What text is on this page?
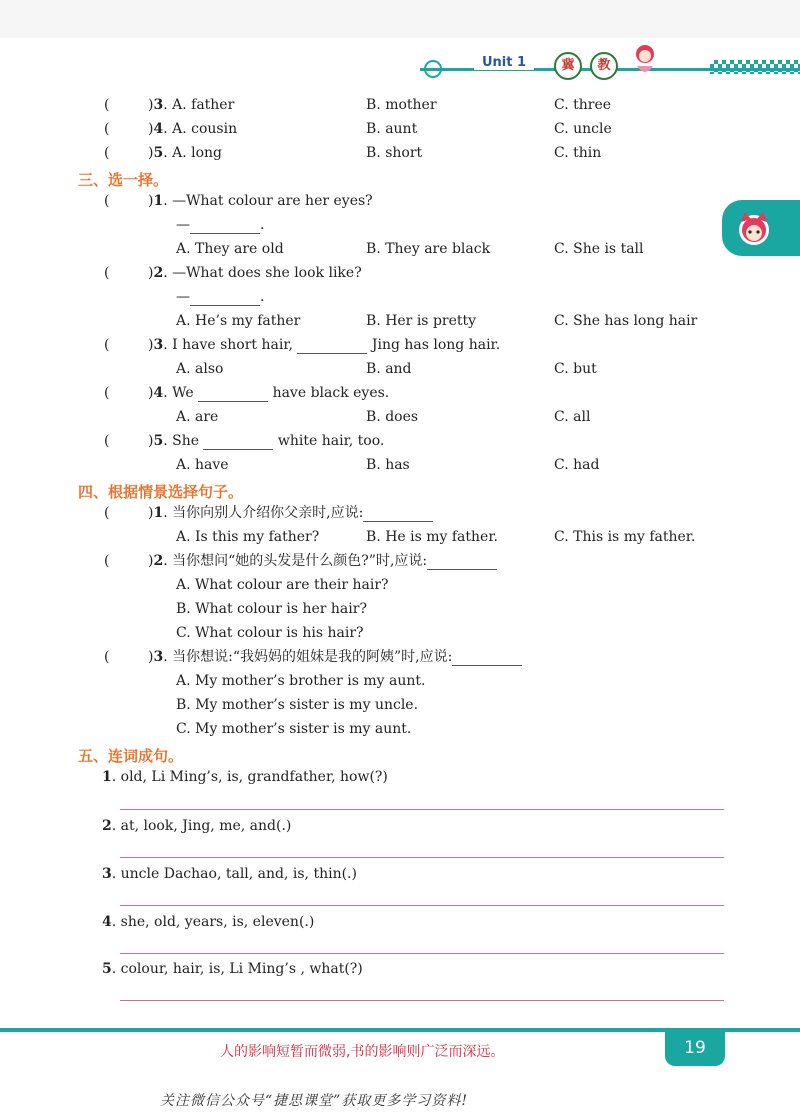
Unit 1	冀	教
(	)3. A. father	B. mother	C. three
(	)4. A. cousin	B. aunt	C. uncle
(	)5. A. long	B. short	C. thin
三、选一择。
(	)1. —What colour are her eyes?
—	.
A. They are old	B. They are black	C. She is tall
(	)2. —What does she look like?
—	.
A. He’s my father	B. Her is pretty	C. She has long hair
(	)3. I have short hair,	Jing has long hair.
A. also	B. and	C. but
(	)4. We	have black eyes.
A. are	B. does	C. all
(	)5. She	white hair, too.
A. have	B. has	C. had
四、根据情景选择句子。
(	)1. 当你向别人介绍你父亲时,应说:
A. Is this my father?	B. He is my father.	C. This is my father.
(	)2. 当你想问“她的头发是什么颜色?”时,应说:
A. What colour are their hair?
B. What colour is her hair?
C. What colour is his hair?
(	)3. 当你想说:“我妈妈的姐妹是我的阿姨”时,应说:
A. My mother’s brother is my aunt.
B. My mother’s sister is my uncle.
C. My mother’s sister is my aunt.
五、连词成句。
1. old, Li Ming’s, is, grandfather, how(?)
2. at, look, Jing, me, and(.)
3. uncle Dachao, tall, and, is, thin(.)
4. she, old, years, is, eleven(.)
5. colour, hair, is, Li Ming’s , what(?)
人的影响短暂而微弱,书的影响则广泛而深远。	19
关注微信公众号“捷思课堂”获取更多学习资料!
